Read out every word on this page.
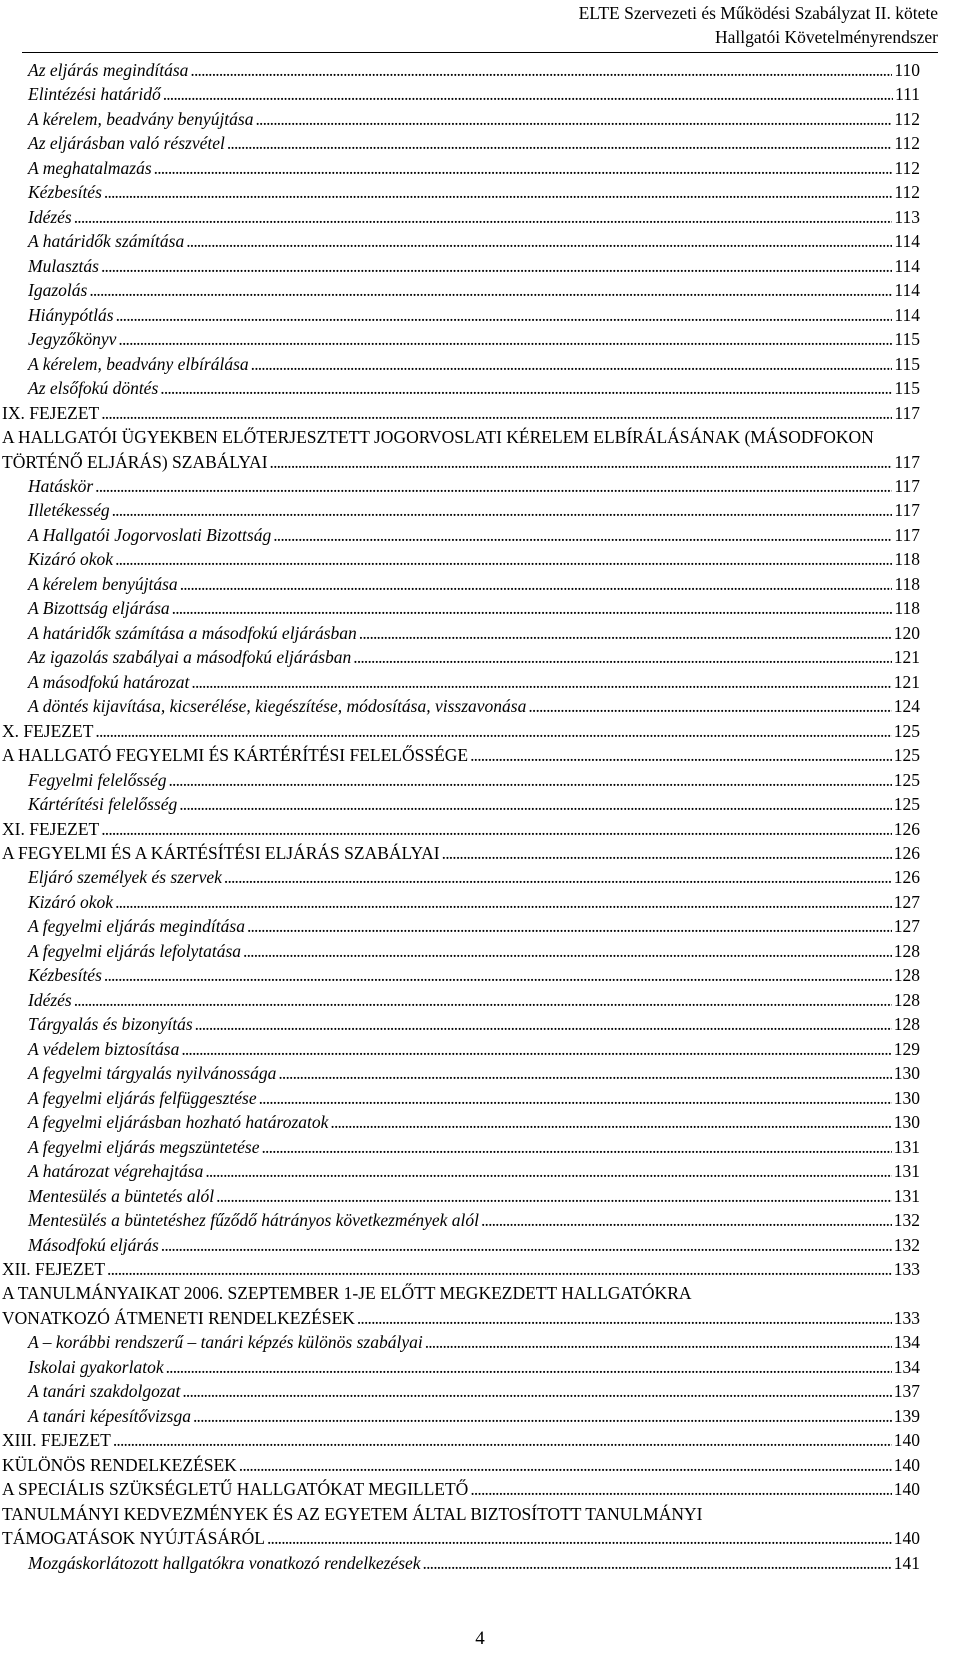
ELTE Szervezeti és Működési Szabályzat II. kötete
Hallgatói Követelményrendszer
Az eljárás megindítása . . .	110
Elintézési határidő . . .	111
A kérelem, beadvány benyújtása . . .	112
Az eljárásban való részvétel . . .	112
A meghatalmazás . . .	112
Kézbesítés . . .	112
Idézés . . .	113
A határidők számítása . . .	114
Mulasztás . . .	114
Igazolás . . .	114
Hiánypótlás . . .	114
Jegyzőkönyv . . .	115
A kérelem, beadvány elbírálása . . .	115
Az elsőfokú döntés . . .	115
IX. FEJEZET . . .	117
A HALLGATÓI ÜGYEKBEN ELŐTERJESZTETT JOGORVOSLATI KÉRELEM ELBÍRÁLÁSÁNAK (MÁSODFOKON
TÖRTÉNŐ ELJÁRÁS) SZABÁLYAI . . .	117
Hatáskör . . .	117
Illetékesség . . .	117
A Hallgatói Jogorvoslati Bizottság . . .	117
Kizáró okok . . .	118
A kérelem benyújtása . . .	118
A Bizottság eljárása . . .	118
A határidők számítása a másodfokú eljárásban . . .	120
Az igazolás szabályai a másodfokú eljárásban . . .	121
A másodfokú határozat . . .	121
A döntés kijavítása, kicserélése, kiegészítése, módosítása, visszavonása . . .	124
X. FEJEZET . . .	125
A HALLGATÓ FEGYELMI ÉS KÁRTÉRÍTÉSI FELELŐSSÉGE . . .	125
Fegyelmi felelősség . . .	125
Kártérítési felelősség . . .	125
XI. FEJEZET . . .	126
A FEGYELMI ÉS A KÁRTÉSÍTÉSI ELJÁRÁS SZABÁLYAI . . .	126
Eljáró személyek és szervek . . .	126
Kizáró okok . . .	127
A fegyelmi eljárás megindítása . . .	127
A fegyelmi eljárás lefolytatása . . .	128
Kézbesítés . . .	128
Idézés . . .	128
Tárgyalás és bizonyítás . . .	128
A védelem biztosítása . . .	129
A fegyelmi tárgyalás nyilvánossága . . .	130
A fegyelmi eljárás felfüggesztése . . .	130
A fegyelmi eljárásban hozható határozatok . . .	130
A fegyelmi eljárás megszüntetése . . .	131
A határozat végrehajtása . . .	131
Mentesülés a büntetés alól . . .	131
Mentesülés a büntetéshez fűződő hátrányos következmények alól . . .	132
Másodfokú eljárás . . .	132
XII. FEJEZET . . .	133
A TANULMÁNYAIKAT 2006. SZEPTEMBER 1-JE ELŐTT MEGKEZDETT HALLGATÓKRA
VONATKOZÓ ÁTMENETI RENDELKEZÉSEK . . .	133
A – korábbi rendszerű – tanári képzés különös szabályai . . .	134
Iskolai gyakorlatok . . .	134
A tanári szakdolgozat . . .	137
A tanári képesítővizsga . . .	139
XIII. FEJEZET . . .	140
KÜLÖNÖS RENDELKEZÉSEK . . .	140
A SPECIÁLIS SZÜKSÉGLETŰ HALLGATÓKAT MEGILLETŐ . . .	140
TANULMÁNYI KEDVEZMÉNYEK ÉS AZ EGYETEM ÁLTAL BIZTOSÍTOTT TANULMÁNYI
TÁMOGATÁSOK NYÚJTÁSÁRÓL . . .	140
Mozgáskorlátozott hallgatókra vonatkozó rendelkezések . . .	141
4
